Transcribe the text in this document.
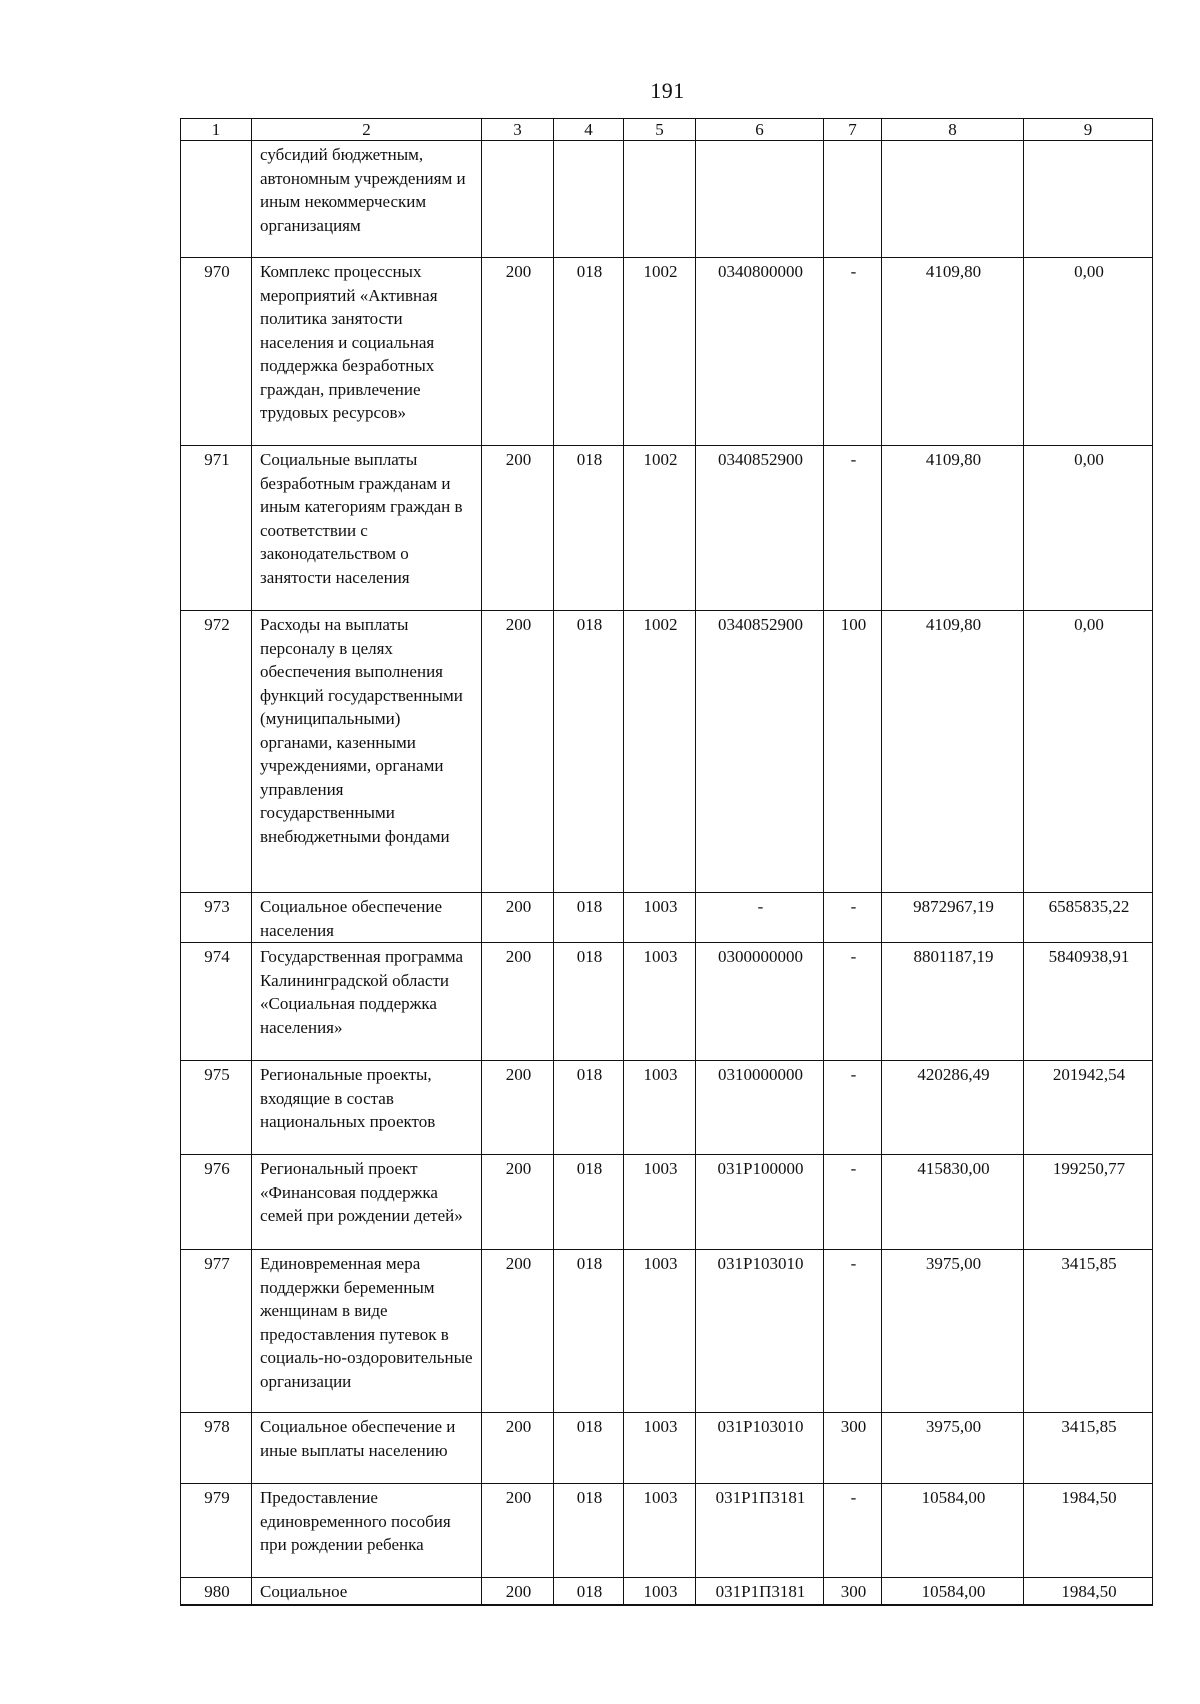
191
1	2	3	4	5	6	7	8	9
	субсидий бюджетным, автономным учреждениям и иным некоммерческим организациям							
970	Комплекс процессных мероприятий «Активная политика занятости населения и социальная поддержка безработных граждан, привлечение трудовых ресурсов»	200	018	1002	0340800000	-	4109,80	0,00
971	Социальные выплаты безработным гражданам и иным категориям граждан в соответствии с законодательством о занятости населения	200	018	1002	0340852900	-	4109,80	0,00
972	Расходы на выплаты персоналу в целях обеспечения выполнения функций государственными (муниципальными) органами, казенными учреждениями, органами управления государственными внебюджетными фондами	200	018	1002	0340852900	100	4109,80	0,00
973	Социальное обеспечение населения	200	018	1003	-	-	9872967,19	6585835,22
974	Государственная программа Калининградской области «Социальная поддержка населения»	200	018	1003	0300000000	-	8801187,19	5840938,91
975	Региональные проекты, входящие в состав национальных проектов	200	018	1003	0310000000	-	420286,49	201942,54
976	Региональный проект «Финансовая поддержка семей при рождении детей»	200	018	1003	031P100000	-	415830,00	199250,77
977	Единовременная мера поддержки беременным женщинам в виде предоставления путевок в социаль-но-оздоровительные организации	200	018	1003	031P103010	-	3975,00	3415,85
978	Социальное обеспечение и иные выплаты населению	200	018	1003	031P103010	300	3975,00	3415,85
979	Предоставление единовременного пособия при рождении ребенка	200	018	1003	031P1П3181	-	10584,00	1984,50
980	Социальное	200	018	1003	031P1П3181	300	10584,00	1984,50
